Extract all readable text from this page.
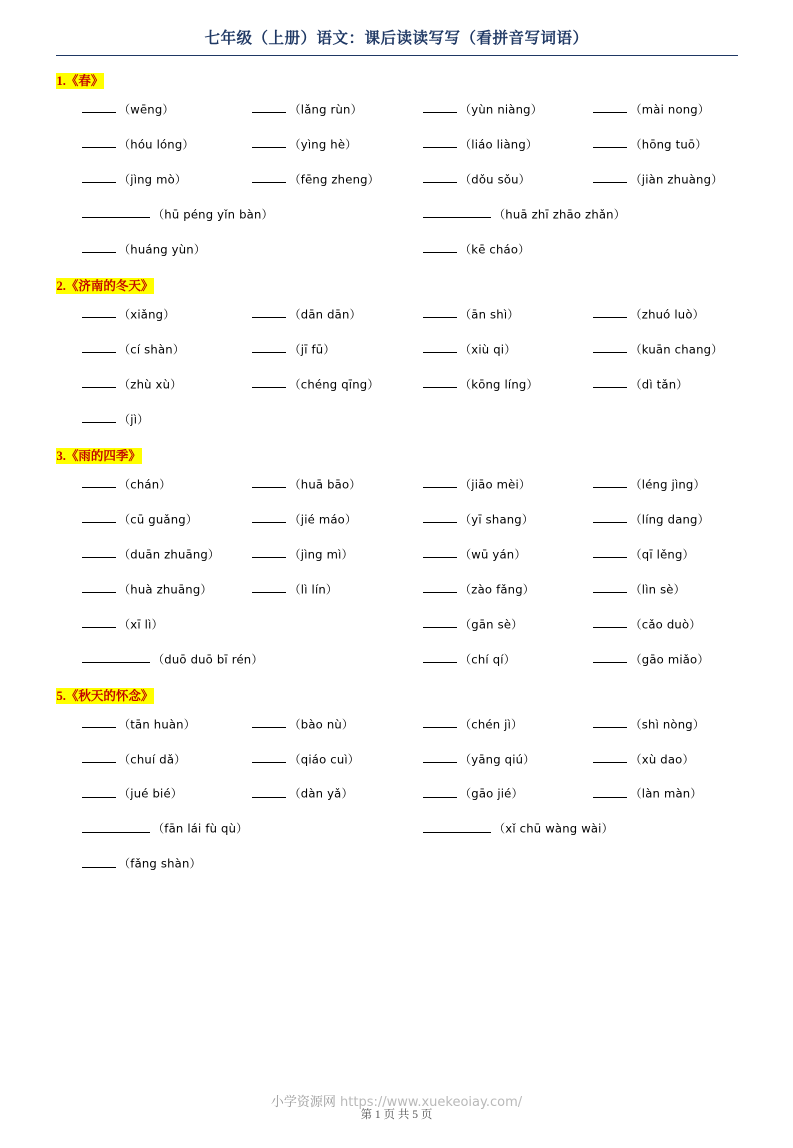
七年级（上册）语文：课后读读写写（看拼音写词语）
1.《春》
（wēng）	（lǎng rùn）	（yùn niàng）	（mài nong）
（hóu lóng）	（yìng hè）	（liáo liàng）	（hōng tuō）
（jìng mò）	（fēng zheng）	（dǒu sǒu）	（jiàn zhuàng）
（hū péng yǐn bàn）	（huā zhī zhāo zhǎn）
（huáng yùn）	（kē cháo）
2.《济南的冬天》
（xiǎng）	（dān dān）	（ān shì）	（zhuó luò）
（cí shàn）	（jī fū）	（xiù qi）	（kuān chang）
（zhù xù）	（chéng qīng）	（kōng líng）	（dì tǎn）
（jì）
3.《雨的四季》
（chán）	（huā bāo）	（jiāo mèi）	（léng jìng）
（cū guǎng）	（jié máo）	（yī shang）	（líng dang）
（duān zhuāng）	（jìng mì）	（wū yán）	（qī lěng）
（huà zhuāng）	（lì lín）	（zào fǎng）	（lìn sè）
（xī lì）	（gān sè）	（cǎo duò）
（duō duō bī rén）	（chí qí）	（gāo miǎo）
5.《秋天的怀念》
（tān huàn）	（bào nù）	（chén jì）	（shì nòng）
（chuí dǎ）	（qiáo cuì）	（yāng qiú）	（xù dao）
（jué bié）	（dàn yǎ）	（gāo jié）	（làn màn）
（fān lái fù qù）	（xǐ chū wàng wài）
（fǎng shàn）
小学资源网 https://www.xuekeoiay.com/
第 1 页 共 5 页
